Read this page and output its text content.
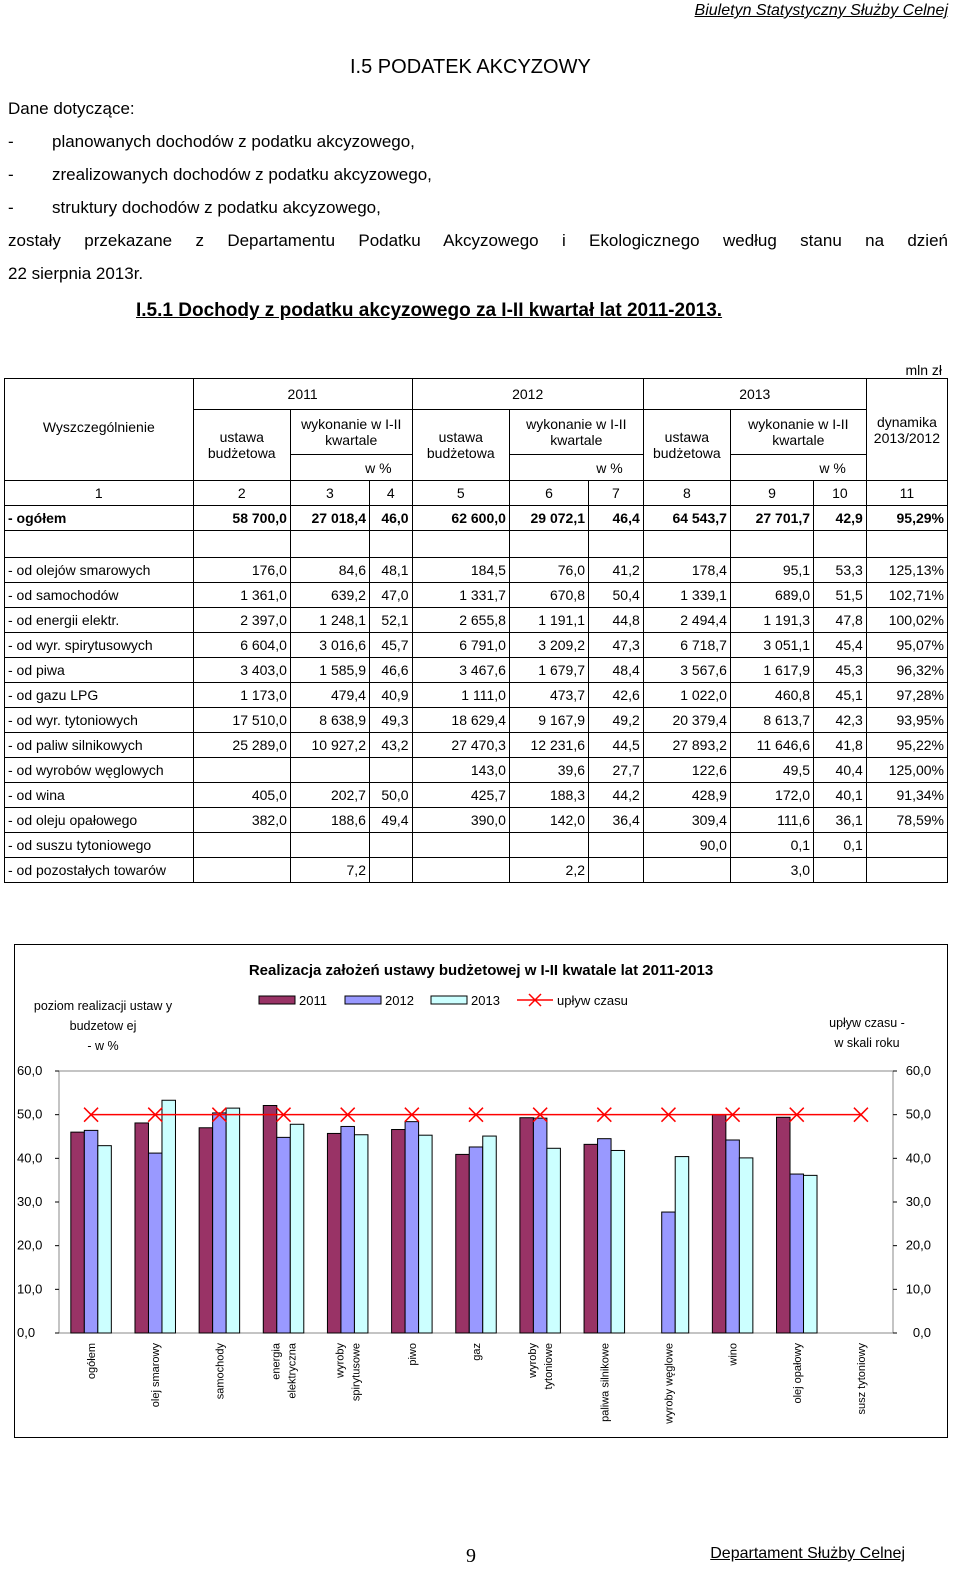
Biuletyn Statystyczny Służby Celnej
I.5 PODATEK AKCYZOWY
Dane dotyczące:
- planowanych dochodów z podatku akcyzowego,
- zrealizowanych dochodów z podatku akcyzowego,
- struktury dochodów z podatku akcyzowego,
zostały przekazane z Departamentu Podatku Akcyzowego i Ekologicznego według stanu na dzień
22 sierpnia 2013r.
I.5.1 Dochody z podatku akcyzowego za I-II kwartał lat 2011-2013.
mln zł
Wyszczególnienie	2011			2012			2013			dynamika 2013/2012
	ustawa budżetowa	wykonanie w I-II kwartale		ustawa budżetowa	wykonanie w I-II kwartale		ustawa budżetowa	wykonanie w I-II kwartale		
		w %			w %			w %		
1	2	3	4	5	6	7	8	9	10	11
- ogółem	58 700,0	27 018,4	46,0	62 600,0	29 072,1	46,4	64 543,7	27 701,7	42,9	95,29%

- od olejów smarowych	176,0	84,6	48,1	184,5	76,0	41,2	178,4	95,1	53,3	125,13%
- od samochodów	1 361,0	639,2	47,0	1 331,7	670,8	50,4	1 339,1	689,0	51,5	102,71%
- od energii elektr.	2 397,0	1 248,1	52,1	2 655,8	1 191,1	44,8	2 494,4	1 191,3	47,8	100,02%
- od wyr. spirytusowych	6 604,0	3 016,6	45,7	6 791,0	3 209,2	47,3	6 718,7	3 051,1	45,4	95,07%
- od piwa	3 403,0	1 585,9	46,6	3 467,6	1 679,7	48,4	3 567,6	1 617,9	45,3	96,32%
- od gazu LPG	1 173,0	479,4	40,9	1 111,0	473,7	42,6	1 022,0	460,8	45,1	97,28%
- od wyr. tytoniowych	17 510,0	8 638,9	49,3	18 629,4	9 167,9	49,2	20 379,4	8 613,7	42,3	93,95%
- od paliw silnikowych	25 289,0	10 927,2	43,2	27 470,3	12 231,6	44,5	27 893,2	11 646,6	41,8	95,22%
- od wyrobów węglowych				143,0	39,6	27,7	122,6	49,5	40,4	125,00%
- od wina	405,0	202,7	50,0	425,7	188,3	44,2	428,9	172,0	40,1	91,34%
- od oleju opałowego	382,0	188,6	49,4	390,0	142,0	36,4	309,4	111,6	36,1	78,59%
- od suszu tytoniowego							90,0	0,1	0,1	
- od pozostałych towarów		7,2			2,2			3,0		
Realizacja założeń ustawy budżetowej w I-II kwatale lat 2011-2013
poziom realizacji ustaw y
budzetow ej
- w %
upływ czasu -
w skali roku
2011	2012	2013	upływ czasu
0,0	0,0
10,0	10,0
20,0	20,0
30,0	30,0
40,0	40,0
50,0	50,0
60,0	60,0
ogółem	olej smarowy	samochody	energia elektryczna	wyroby spirytusowe	piwo	gaz	wyroby tytoniowe	paliwa silnikowe	wyroby węglowe	wino	olej opałowy	susz tytoniowy
9	Departament Służby Celnej
